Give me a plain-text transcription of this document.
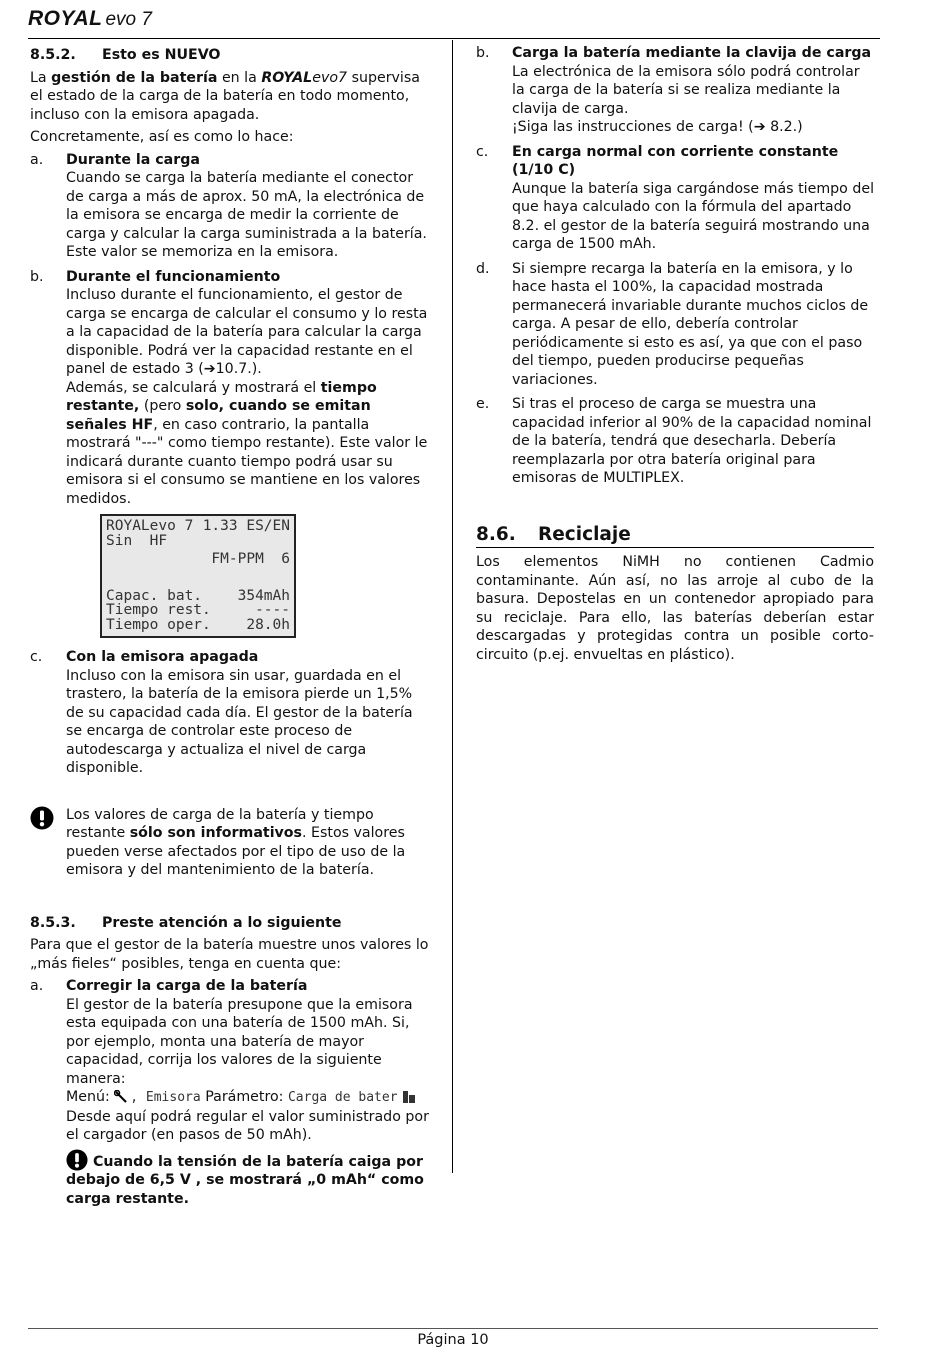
ROYAL evo 7
8.5.2. Esto es NUEVO

La gestión de la batería en la ROYALevo7 supervisa el estado de la carga de la batería en todo momento, incluso con la emisora apagada.

Concretamente, así es como lo hace:

a. Durante la carga
Cuando se carga la batería mediante el conector de carga a más de aprox. 50 mA, la electrónica de la emisora se encarga de medir la corriente de carga y calcular la carga suministrada a la batería. Este valor se memoriza en la emisora.
b. Durante el funcionamiento
Incluso durante el funcionamiento, el gestor de carga se encarga de calcular el consumo y lo resta a la capacidad de la batería para calcular la carga disponible. Podrá ver la capacidad restante en el panel de estado 3 (➔10.7.).
Además, se calculará y mostrará el tiempo restante, (pero solo, cuando se emitan señales HF, en caso contrario, la pantalla mostrará "---" como tiempo restante). Este valor le indicará durante cuanto tiempo podrá usar su emisora si el consumo se mantiene en los valores medidos.
ROYALevo 7 1.33 ES/EN
Sin  HF
FM-PPM  6
Capac. bat. 354mAh
Tiempo rest.	----
Tiempo oper. 28.0h
c. Con la emisora apagada
Incluso con la emisora sin usar, guardada en el trastero, la batería de la emisora pierde un 1,5% de su capacidad cada día. El gestor de la batería se encarga de controlar este proceso de autodescarga y actualiza el nivel de carga disponible.
Los valores de carga de la batería y tiempo restante sólo son informativos. Estos valores pueden verse afectados por el tipo de uso de la emisora y del mantenimiento de la batería.
8.5.3. Preste atención a lo siguiente

Para que el gestor de la batería muestre unos valores lo „más fieles“ posibles, tenga en cuenta que:

a. Corregir la carga de la batería
El gestor de la batería presupone que la emisora esta equipada con una batería de 1500 mAh. Si, por ejemplo, monta una batería de mayor capacidad, corrija los valores de la siguiente manera:
Menú: , Emisora Parámetro: Carga de bater
Desde aquí podrá regular el valor suministrado por el cargador (en pasos de 50 mAh).
Cuando la tensión de la batería caiga por debajo de 6,5 V , se mostrará „0 mAh“ como carga restante.
b. Carga la batería mediante la clavija de carga
La electrónica de la emisora sólo podrá controlar la carga de la batería si se realiza mediante la clavija de carga.
¡Siga las instrucciones de carga! (➔ 8.2.)
c. En carga normal con corriente constante (1/10 C)
Aunque la batería siga cargándose más tiempo del que haya calculado con la fórmula del apartado 8.2. el gestor de la batería seguirá mostrando una carga de 1500 mAh.
d. Si siempre recarga la batería en la emisora, y lo hace hasta el 100%, la capacidad mostrada permanecerá invariable durante muchos ciclos de carga. A pesar de ello, debería controlar periódicamente si esto es así, ya que con el paso del tiempo, pueden producirse pequeñas variaciones.
e. Si tras el proceso de carga se muestra una capacidad inferior al 90% de la capacidad nominal de la batería, tendrá que desecharla. Debería reemplazarla por otra batería original para emisoras de MULTIPLEX.
8.6. Reciclaje

Los elementos NiMH no contienen Cadmio contaminante. Aún así, no las arroje al cubo de la basura. Depostelas en un contenedor apropiado para su reciclaje. Para ello, las baterías deberían estar descargadas y protegidas contra un posible corto-circuito (p.ej. envueltas en plástico).

Página 10
